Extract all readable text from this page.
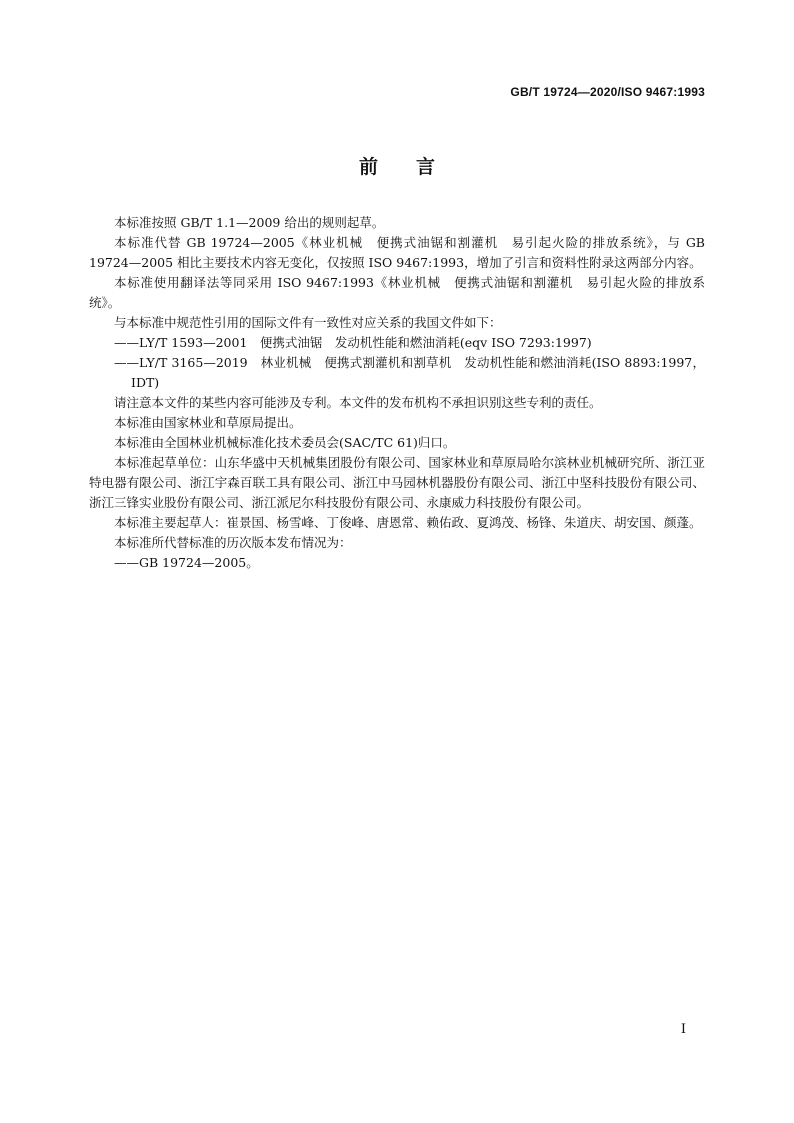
GB/T 19724—2020/ISO 9467:1993
前言

本标准按照 GB/T 1.1—2009 给出的规则起草。

本标准代替 GB 19724—2005《林业机械　便携式油锯和割灌机　易引起火险的排放系统》，与 GB 19724—2005 相比主要技术内容无变化，仅按照 ISO 9467:1993，增加了引言和资料性附录这两部分内容。

本标准使用翻译法等同采用 ISO 9467:1993《林业机械　便携式油锯和割灌机　易引起火险的排放系统》。

与本标准中规范性引用的国际文件有一致性对应关系的我国文件如下：

——LY/T 1593—2001　便携式油锯　发动机性能和燃油消耗(eqv ISO 7293:1997)

——LY/T 3165—2019　林业机械　便携式割灌机和割草机　发动机性能和燃油消耗(ISO 8893:1997，IDT)

请注意本文件的某些内容可能涉及专利。本文件的发布机构不承担识别这些专利的责任。

本标准由国家林业和草原局提出。

本标准由全国林业机械标准化技术委员会(SAC/TC 61)归口。

本标准起草单位：山东华盛中天机械集团股份有限公司、国家林业和草原局哈尔滨林业机械研究所、浙江亚特电器有限公司、浙江宇森百联工具有限公司、浙江中马园林机器股份有限公司、浙江中坚科技股份有限公司、浙江三锋实业股份有限公司、浙江派尼尔科技股份有限公司、永康威力科技股份有限公司。

本标准主要起草人：崔景国、杨雪峰、丁俊峰、唐恩常、赖佑政、夏鸿茂、杨锋、朱道庆、胡安国、颜蓬。

本标准所代替标准的历次版本发布情况为：

——GB 19724—2005。

I
